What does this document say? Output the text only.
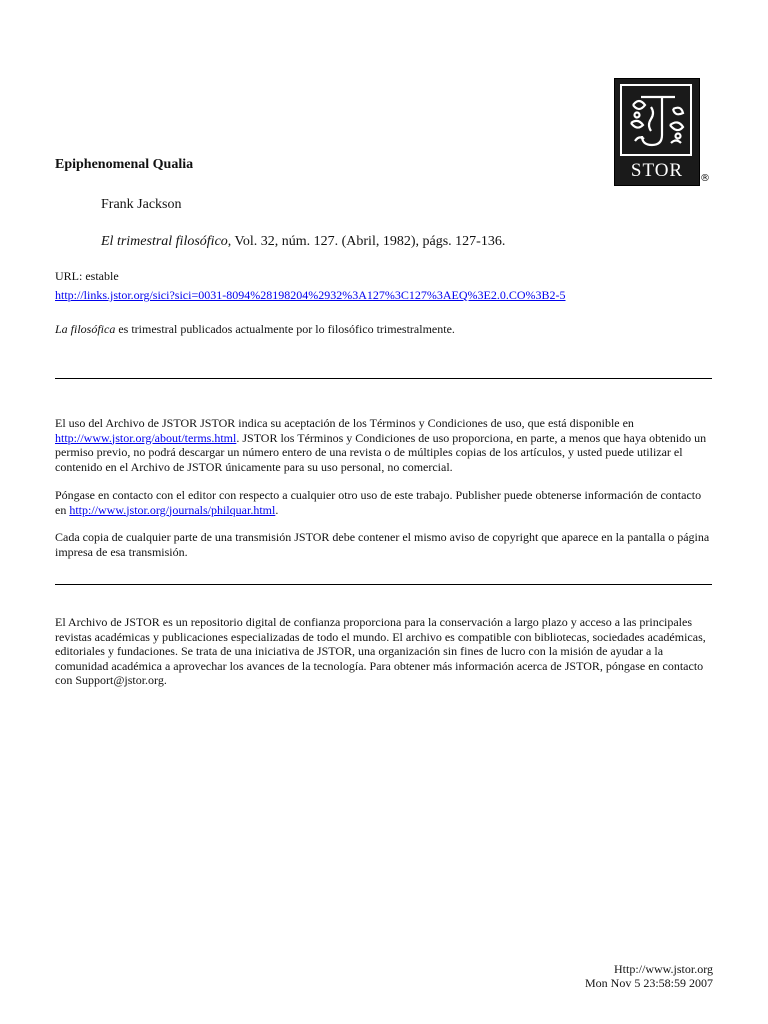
STOR	®
Epiphenomenal Qualia
Frank Jackson
El trimestral filosófico, Vol. 32, núm. 127. (Abril, 1982), págs. 127-136.
URL: estable
http://links.jstor.org/sici?sici=0031-8094%28198204%2932%3A127%3C127%3AEQ%3E2.0.CO%3B2-5
La filosófica es trimestral publicados actualmente por lo filosófico trimestralmente.

El uso del Archivo de JSTOR JSTOR indica su aceptación de los Términos y Condiciones de uso, que está disponible en http://www.jstor.org/about/terms.html. JSTOR los Términos y Condiciones de uso proporciona, en parte, a menos que haya obtenido un permiso previo, no podrá descargar un número entero de una revista o de múltiples copias de los artículos, y usted puede utilizar el contenido en el Archivo de JSTOR únicamente para su uso personal, no comercial.

Póngase en contacto con el editor con respecto a cualquier otro uso de este trabajo. Publisher puede obtenerse información de contacto en http://www.jstor.org/journals/philquar.html.

Cada copia de cualquier parte de una transmisión JSTOR debe contener el mismo aviso de copyright que aparece en la pantalla o página impresa de esa transmisión.

El Archivo de JSTOR es un repositorio digital de confianza proporciona para la conservación a largo plazo y acceso a las principales revistas académicas y publicaciones especializadas de todo el mundo. El archivo es compatible con bibliotecas, sociedades académicas, editoriales y fundaciones. Se trata de una iniciativa de JSTOR, una organización sin fines de lucro con la misión de ayudar a la comunidad académica a aprovechar los avances de la tecnología. Para obtener más información acerca de JSTOR, póngase en contacto con Support@jstor.org.

Http://www.jstor.org
Mon Nov 5 23:58:59 2007
